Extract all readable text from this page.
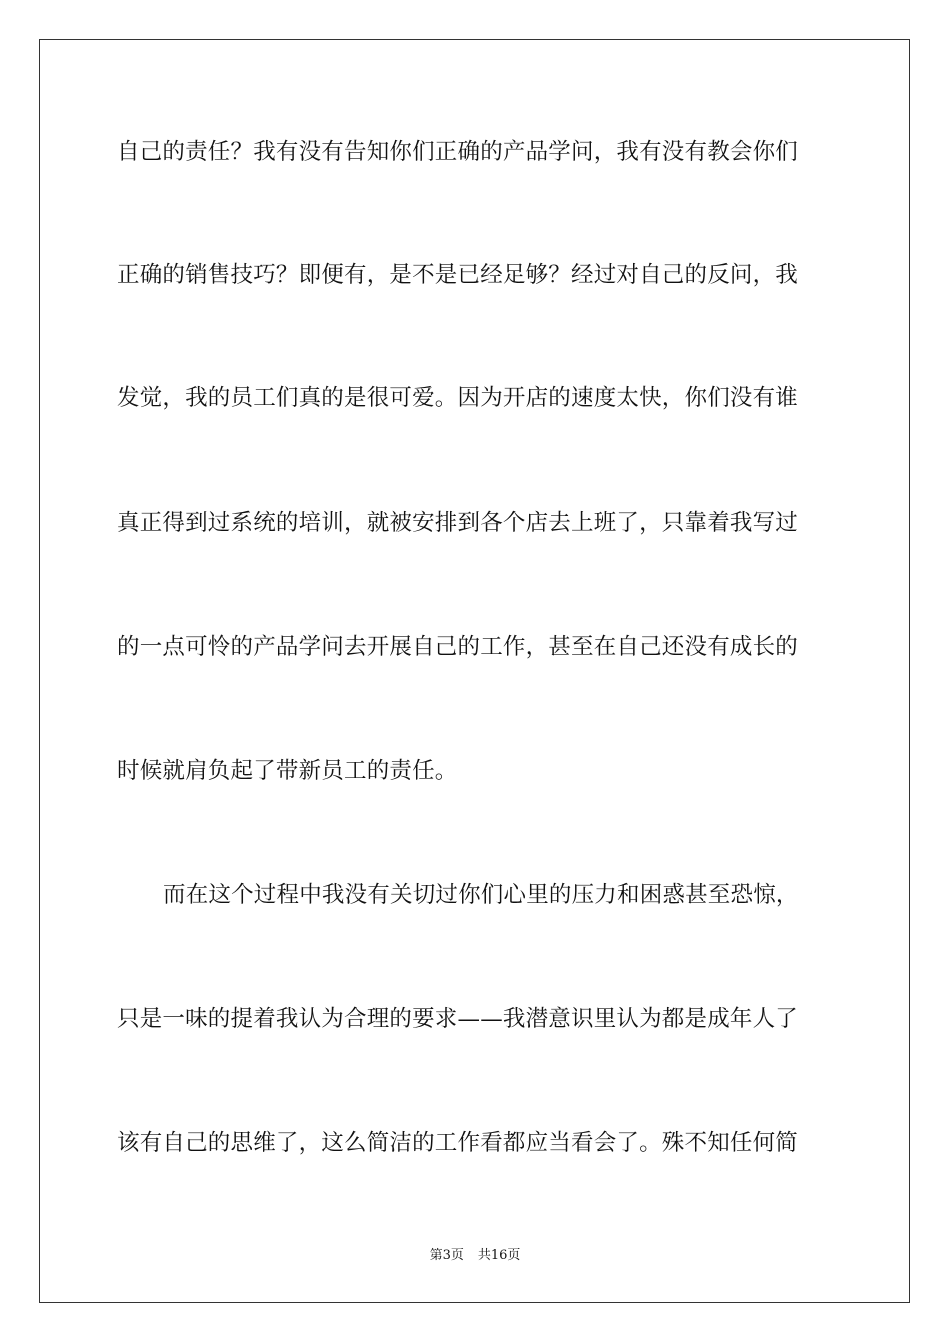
自己的责任？我有没有告知你们正确的产品学问，我有没有教会你们
正确的销售技巧？即便有，是不是已经足够？经过对自己的反问，我
发觉，我的员工们真的是很可爱。因为开店的速度太快，你们没有谁
真正得到过系统的培训，就被安排到各个店去上班了，只靠着我写过
的一点可怜的产品学问去开展自己的工作，甚至在自己还没有成长的
时候就肩负起了带新员工的责任。
而在这个过程中我没有关切过你们心里的压力和困惑甚至恐惊，
只是一味的提着我认为合理的要求——我潜意识里认为都是成年人了
该有自己的思维了，这么简洁的工作看都应当看会了。殊不知任何简
第3页 共16页
